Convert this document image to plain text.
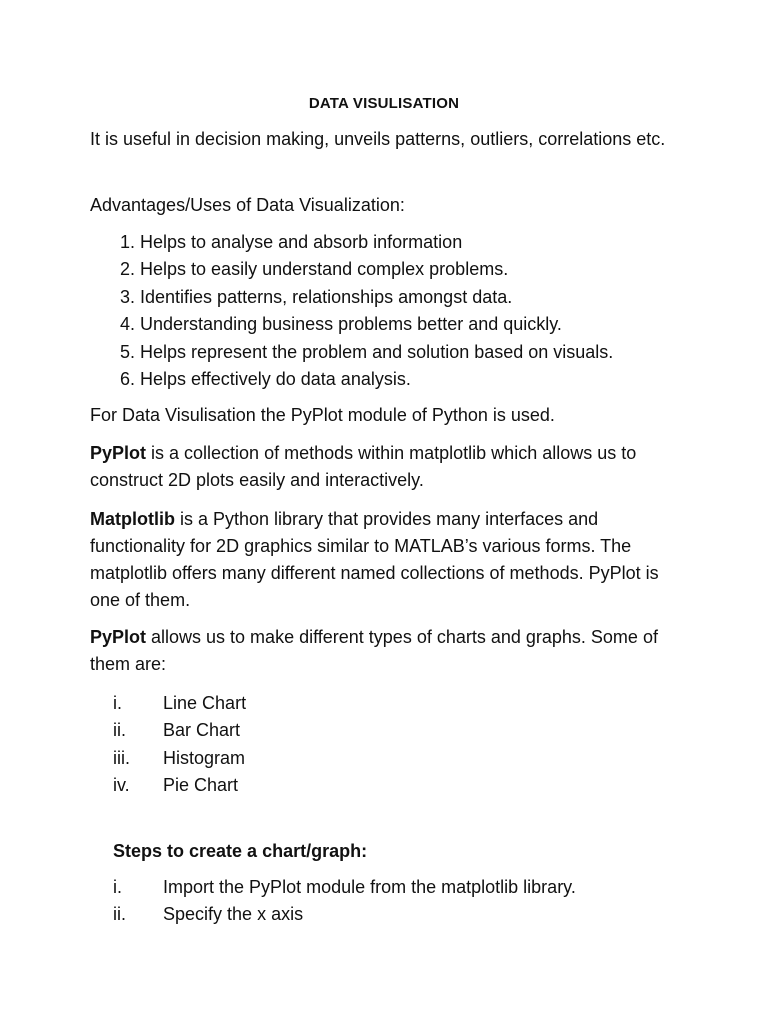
DATA VISULISATION

It is useful in decision making, unveils patterns, outliers, correlations etc.

Advantages/Uses of Data Visualization:

1. Helps to analyse and absorb information
2. Helps to easily understand complex problems.
3. Identifies patterns, relationships amongst data.
4. Understanding business problems better and quickly.
5. Helps represent the problem and solution based on visuals.
6. Helps effectively do data analysis.

For Data Visulisation the PyPlot module of Python is used.

PyPlot is a collection of methods within matplotlib which allows us to construct 2D plots easily and interactively.

Matplotlib is a Python library that provides many interfaces and functionality for 2D graphics similar to MATLAB’s various forms. The matplotlib offers many different named collections of methods. PyPlot is one of them.

PyPlot allows us to make different types of charts and graphs. Some of them are:

i. Line Chart
ii. Bar Chart
iii. Histogram
iv. Pie Chart
Steps to create a chart/graph:
i. Import the PyPlot module from the matplotlib library.
ii. Specify the x axis
